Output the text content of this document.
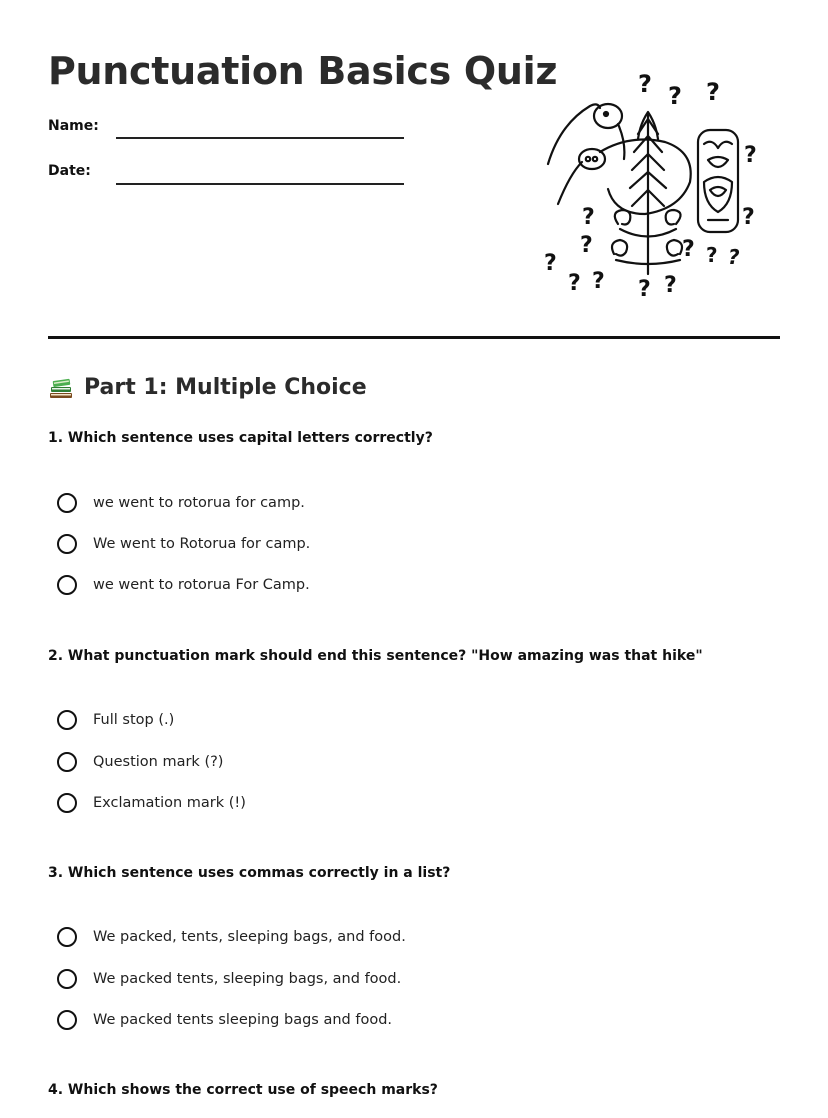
Punctuation Basics Quiz
Name:
Date:
? ? ?
?
?
?
?
?
? ? ? ?
? ? ?
Part 1: Multiple Choice

1. Which sentence uses capital letters correctly?

we went to rotorua for camp.
We went to Rotorua for camp.
we went to rotorua For Camp.

2. What punctuation mark should end this sentence? "How amazing was that hike"

Full stop (.)
Question mark (?)
Exclamation mark (!)

3. Which sentence uses commas correctly in a list?

We packed, tents, sleeping bags, and food.
We packed tents, sleeping bags, and food.
We packed tents sleeping bags and food.

4. Which shows the correct use of speech marks?
